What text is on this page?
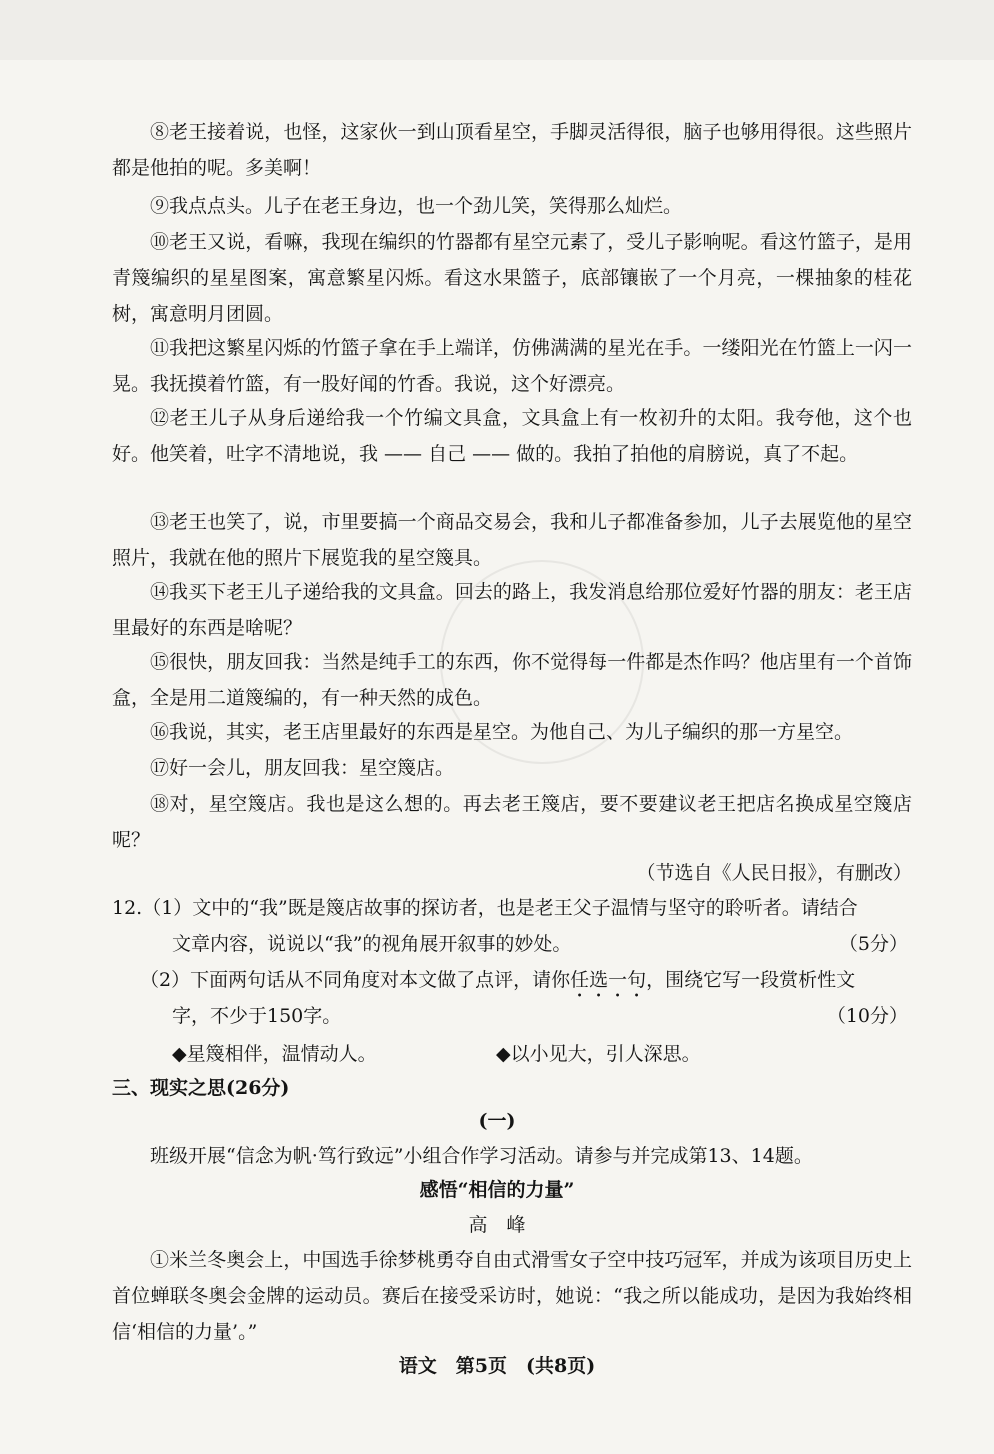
⑧老王接着说，也怪，这家伙一到山顶看星空，手脚灵活得很，脑子也够用得很。这些照片都是他拍的呢。多美啊！

⑨我点点头。儿子在老王身边，也一个劲儿笑，笑得那么灿烂。

⑩老王又说，看嘛，我现在编织的竹器都有星空元素了，受儿子影响呢。看这竹篮子，是用青篾编织的星星图案，寓意繁星闪烁。看这水果篮子，底部镶嵌了一个月亮，一棵抽象的桂花树，寓意明月团圆。

⑪我把这繁星闪烁的竹篮子拿在手上端详，仿佛满满的星光在手。一缕阳光在竹篮上一闪一晃。我抚摸着竹篮，有一股好闻的竹香。我说，这个好漂亮。

⑫老王儿子从身后递给我一个竹编文具盒，文具盒上有一枚初升的太阳。我夸他，这个也好。他笑着，吐字不清地说，我 —— 自己 —— 做的。我拍了拍他的肩膀说，真了不起。

⑬老王也笑了，说，市里要搞一个商品交易会，我和儿子都准备参加，儿子去展览他的星空照片，我就在他的照片下展览我的星空篾具。

⑭我买下老王儿子递给我的文具盒。回去的路上，我发消息给那位爱好竹器的朋友：老王店里最好的东西是啥呢？

⑮很快，朋友回我：当然是纯手工的东西，你不觉得每一件都是杰作吗？他店里有一个首饰盒，全是用二道篾编的，有一种天然的成色。

⑯我说，其实，老王店里最好的东西是星空。为他自己、为儿子编织的那一方星空。

⑰好一会儿，朋友回我：星空篾店。

⑱对，星空篾店。我也是这么想的。再去老王篾店，要不要建议老王把店名换成星空篾店呢？

（节选自《人民日报》，有删改）
12.（1）文中的“我”既是篾店故事的探访者，也是老王父子温情与坚守的聆听者。请结合
文章内容，说说以“我”的视角展开叙事的妙处。	（5分）
（2）下面两句话从不同角度对本文做了点评，请你任选一句，围绕它写一段赏析性文
字，不少于150字。	（10分）
◆星篾相伴，温情动人。	◆以小见大，引人深思。
三、现实之思(26分)
(一)
班级开展“信念为帆·笃行致远”小组合作学习活动。请参与并完成第13、14题。
感悟“相信的力量”
高　峰

①米兰冬奥会上，中国选手徐梦桃勇夺自由式滑雪女子空中技巧冠军，并成为该项目历史上首位蝉联冬奥会金牌的运动员。赛后在接受采访时，她说：“我之所以能成功，是因为我始终相信‘相信的力量’。”

语文　第5页　(共8页)
